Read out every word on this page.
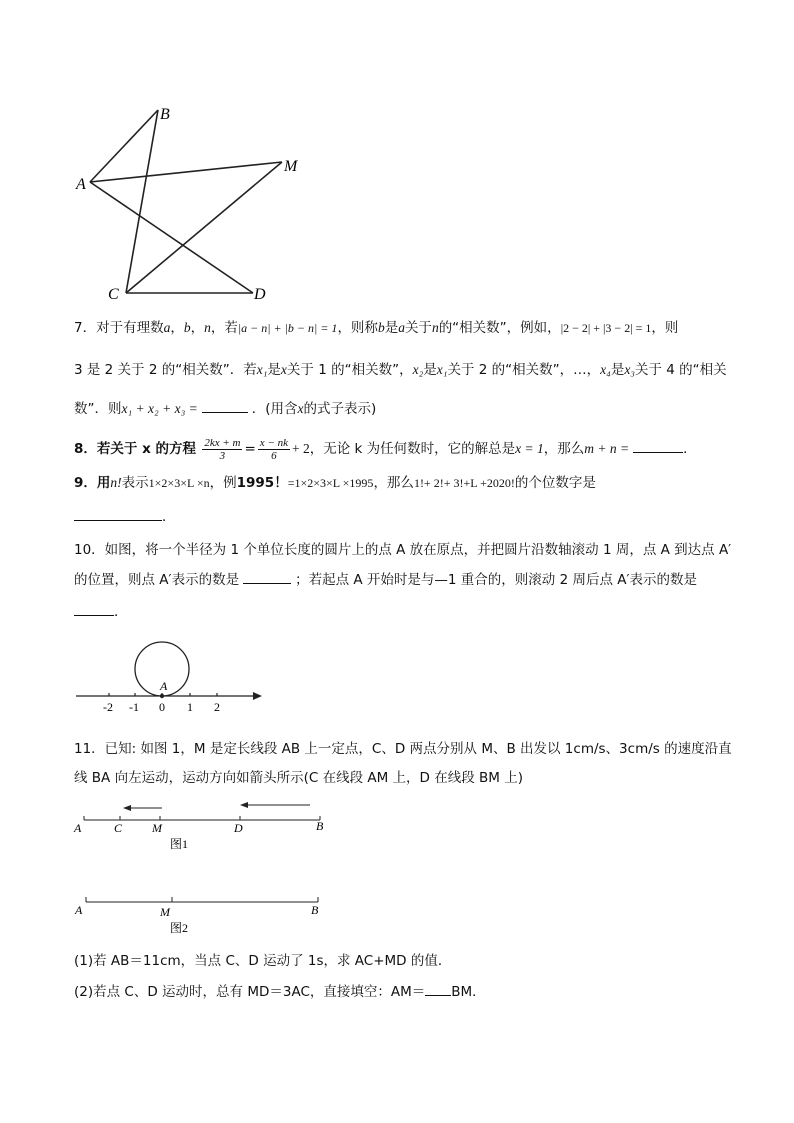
A
B
M
C	D
7．对于有理数a，b，n，若|a − n| + |b − n| = 1，则称b是a关于n的“相关数”，例如，|2 − 2| + |3 − 2| = 1，则
3 是 2 关于 2 的“相关数”．若x₁是x关于 1 的“相关数”，x₂是x₁关于 2 的“相关数”，…，x₄是x₃关于 4 的“相关
数”．则x₁ + x₂ + x₃ =	．(用含x的式子表示)
8．若关于 x 的方程 $\frac{2kx + m}{3} = \frac{x - nk}{6} + 2$，无论 k 为任何数时，它的解总是x = 1，那么m + n =	．
9．用n!表示1×2×3×L ×n，例1995！=1×2×3×L ×1995，那么1!+ 2!+ 3!+L +2020!的个位数字是
．
10．如图，将一个半径为 1 个单位长度的圆片上的点 A 放在原点，并把圆片沿数轴滚动 1 周，点 A 到达点 A′
的位置，则点 A′表示的数是	；若起点 A 开始时是与—1 重合的，则滚动 2 周后点 A′表示的数是
．
A
-2 -1 0 1 2
11．已知: 如图 1，M 是定长线段 AB 上一定点，C、D 两点分别从 M、B 出发以 1cm/s、3cm/s 的速度沿直
线 BA 向左运动，运动方向如箭头所示(C 在线段 AM 上，D 在线段 BM 上)
A	C M	D	B
图1
A	M	B
图2
(1)若 AB＝11cm，当点 C、D 运动了 1s，求 AC+MD 的值．
(2)若点 C、D 运动时，总有 MD＝3AC，直接填空：AM＝ BM．
